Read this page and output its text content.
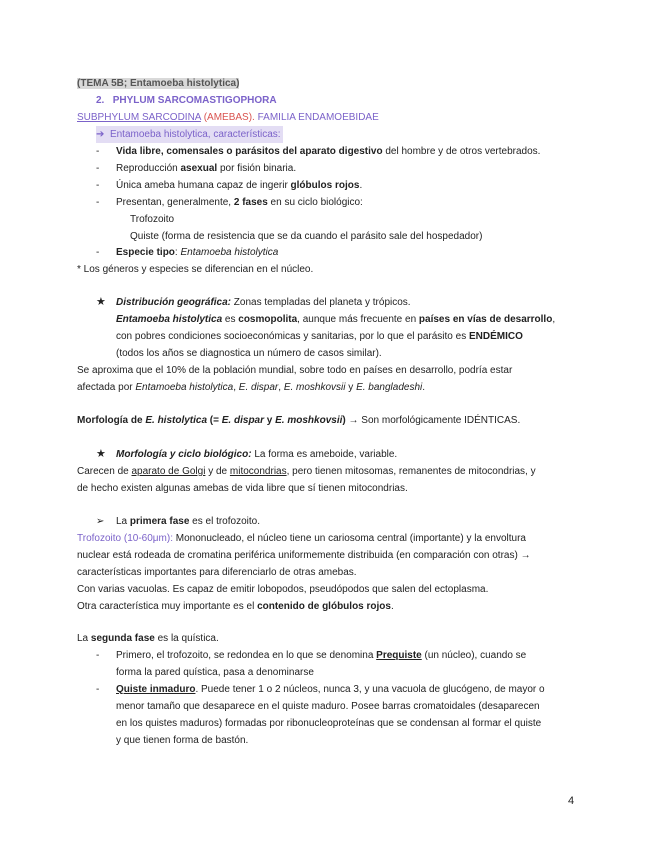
(TEMA 5B; Entamoeba histolytica)
2. PHYLUM SARCOMASTIGOPHORA
SUBPHYLUM SARCODINA (AMEBAS). FAMILIA ENDAMOEBIDAE
➔ Entamoeba histolytica, características:
- Vida libre, comensales o parásitos del aparato digestivo del hombre y de otros vertebrados.
- Reproducción asexual por fisión binaria.
- Única ameba humana capaz de ingerir glóbulos rojos.
- Presentan, generalmente, 2 fases en su ciclo biológico:
Trofozoito
Quiste (forma de resistencia que se da cuando el parásito sale del hospedador)
- Especie tipo: Entamoeba histolytica
* Los géneros y especies se diferencian en el núcleo.
★ Distribución geográfica: Zonas templadas del planeta y trópicos.
Entamoeba histolytica es cosmopolita, aunque más frecuente en países en vías de desarrollo,
con pobres condiciones socioeconómicas y sanitarias, por lo que el parásito es ENDÉMICO
(todos los años se diagnostica un número de casos similar).
Se aproxima que el 10% de la población mundial, sobre todo en países en desarrollo, podría estar
afectada por Entamoeba histolytica, E. dispar, E. moshkovsii y E. bangladeshi.
Morfología de E. histolytica (= E. dispar y E. moshkovsii) → Son morfológicamente IDÉNTICAS.
★ Morfología y ciclo biológico: La forma es ameboide, variable.
Carecen de aparato de Golgi y de mitocondrias, pero tienen mitosomas, remanentes de mitocondrias, y
de hecho existen algunas amebas de vida libre que sí tienen mitocondrias.
➢ La primera fase es el trofozoito.
Trofozoito (10-60μm): Mononucleado, el núcleo tiene un cariosoma central (importante) y la envoltura
nuclear está rodeada de cromatina periférica uniformemente distribuida (en comparación con otras) →
características importantes para diferenciarlo de otras amebas.
Con varias vacuolas. Es capaz de emitir lobopodos, pseudópodos que salen del ectoplasma.
Otra característica muy importante es el contenido de glóbulos rojos.
La segunda fase es la quística.
- Primero, el trofozoito, se redondea en lo que se denomina Prequiste (un núcleo), cuando se
forma la pared quística, pasa a denominarse
- Quiste inmaduro. Puede tener 1 o 2 núcleos, nunca 3, y una vacuola de glucógeno, de mayor o
menor tamaño que desaparece en el quiste maduro. Posee barras cromatoidales (desaparecen
en los quistes maduros) formadas por ribonucleoproteínas que se condensan al formar el quiste
y que tienen forma de bastón.
4
